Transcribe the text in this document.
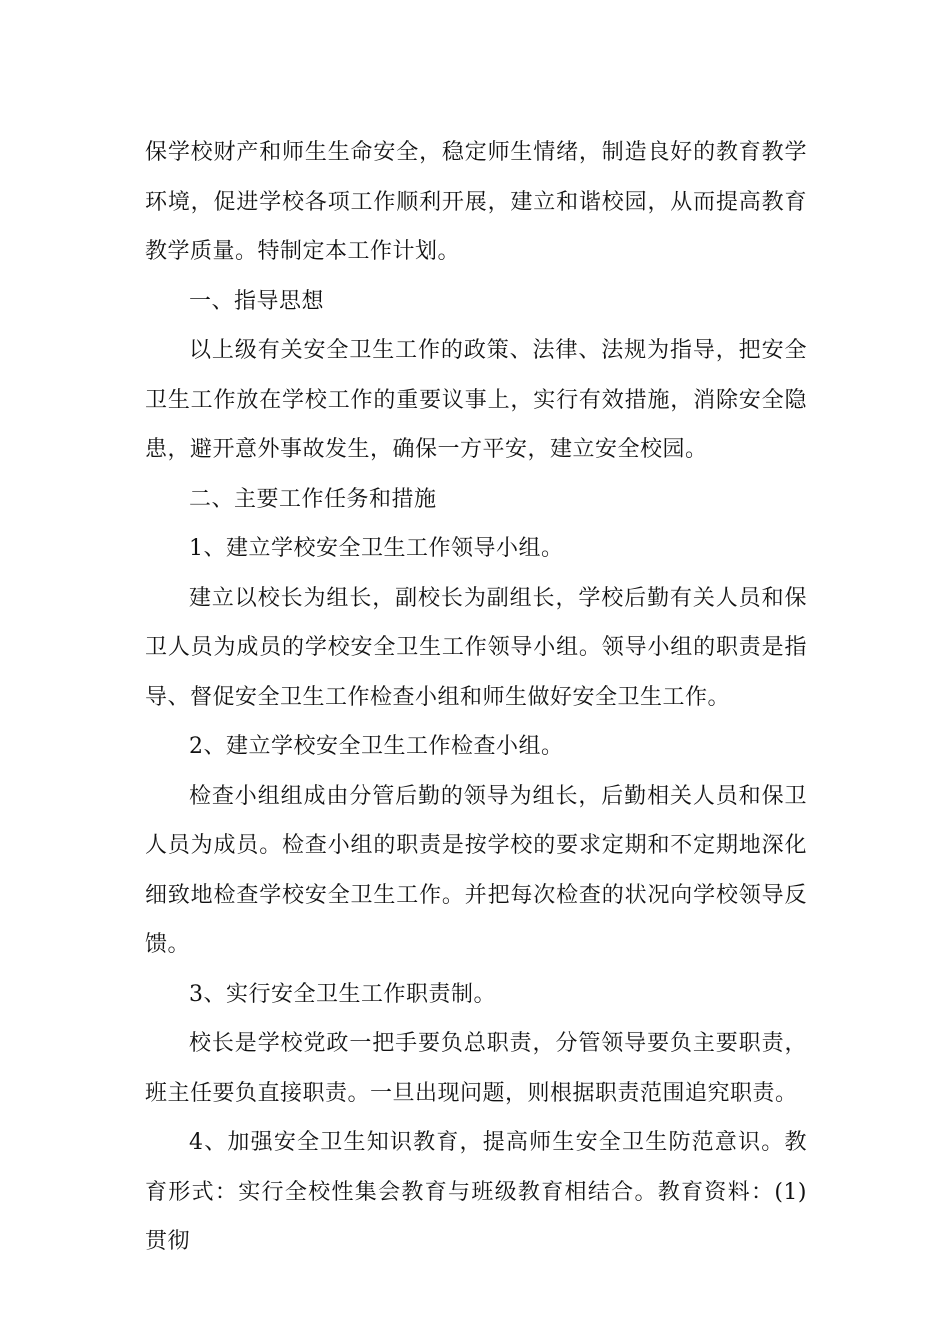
保学校财产和师生生命安全，稳定师生情绪，制造良好的教育教学环境，促进学校各项工作顺利开展，建立和谐校园，从而提高教育教学质量。特制定本工作计划。

一、指导思想

以上级有关安全卫生工作的政策、法律、法规为指导，把安全卫生工作放在学校工作的重要议事上，实行有效措施，消除安全隐患，避开意外事故发生，确保一方平安，建立安全校园。

二、主要工作任务和措施

1、建立学校安全卫生工作领导小组。

建立以校长为组长，副校长为副组长，学校后勤有关人员和保卫人员为成员的学校安全卫生工作领导小组。领导小组的职责是指导、督促安全卫生工作检查小组和师生做好安全卫生工作。

2、建立学校安全卫生工作检查小组。

检查小组组成由分管后勤的领导为组长，后勤相关人员和保卫人员为成员。检查小组的职责是按学校的要求定期和不定期地深化细致地检查学校安全卫生工作。并把每次检查的状况向学校领导反馈。

3、实行安全卫生工作职责制。

校长是学校党政一把手要负总职责，分管领导要负主要职责，班主任要负直接职责。一旦出现问题，则根据职责范围追究职责。

4、加强安全卫生知识教育，提高师生安全卫生防范意识。教育形式：实行全校性集会教育与班级教育相结合。教育资料：(1)贯彻
